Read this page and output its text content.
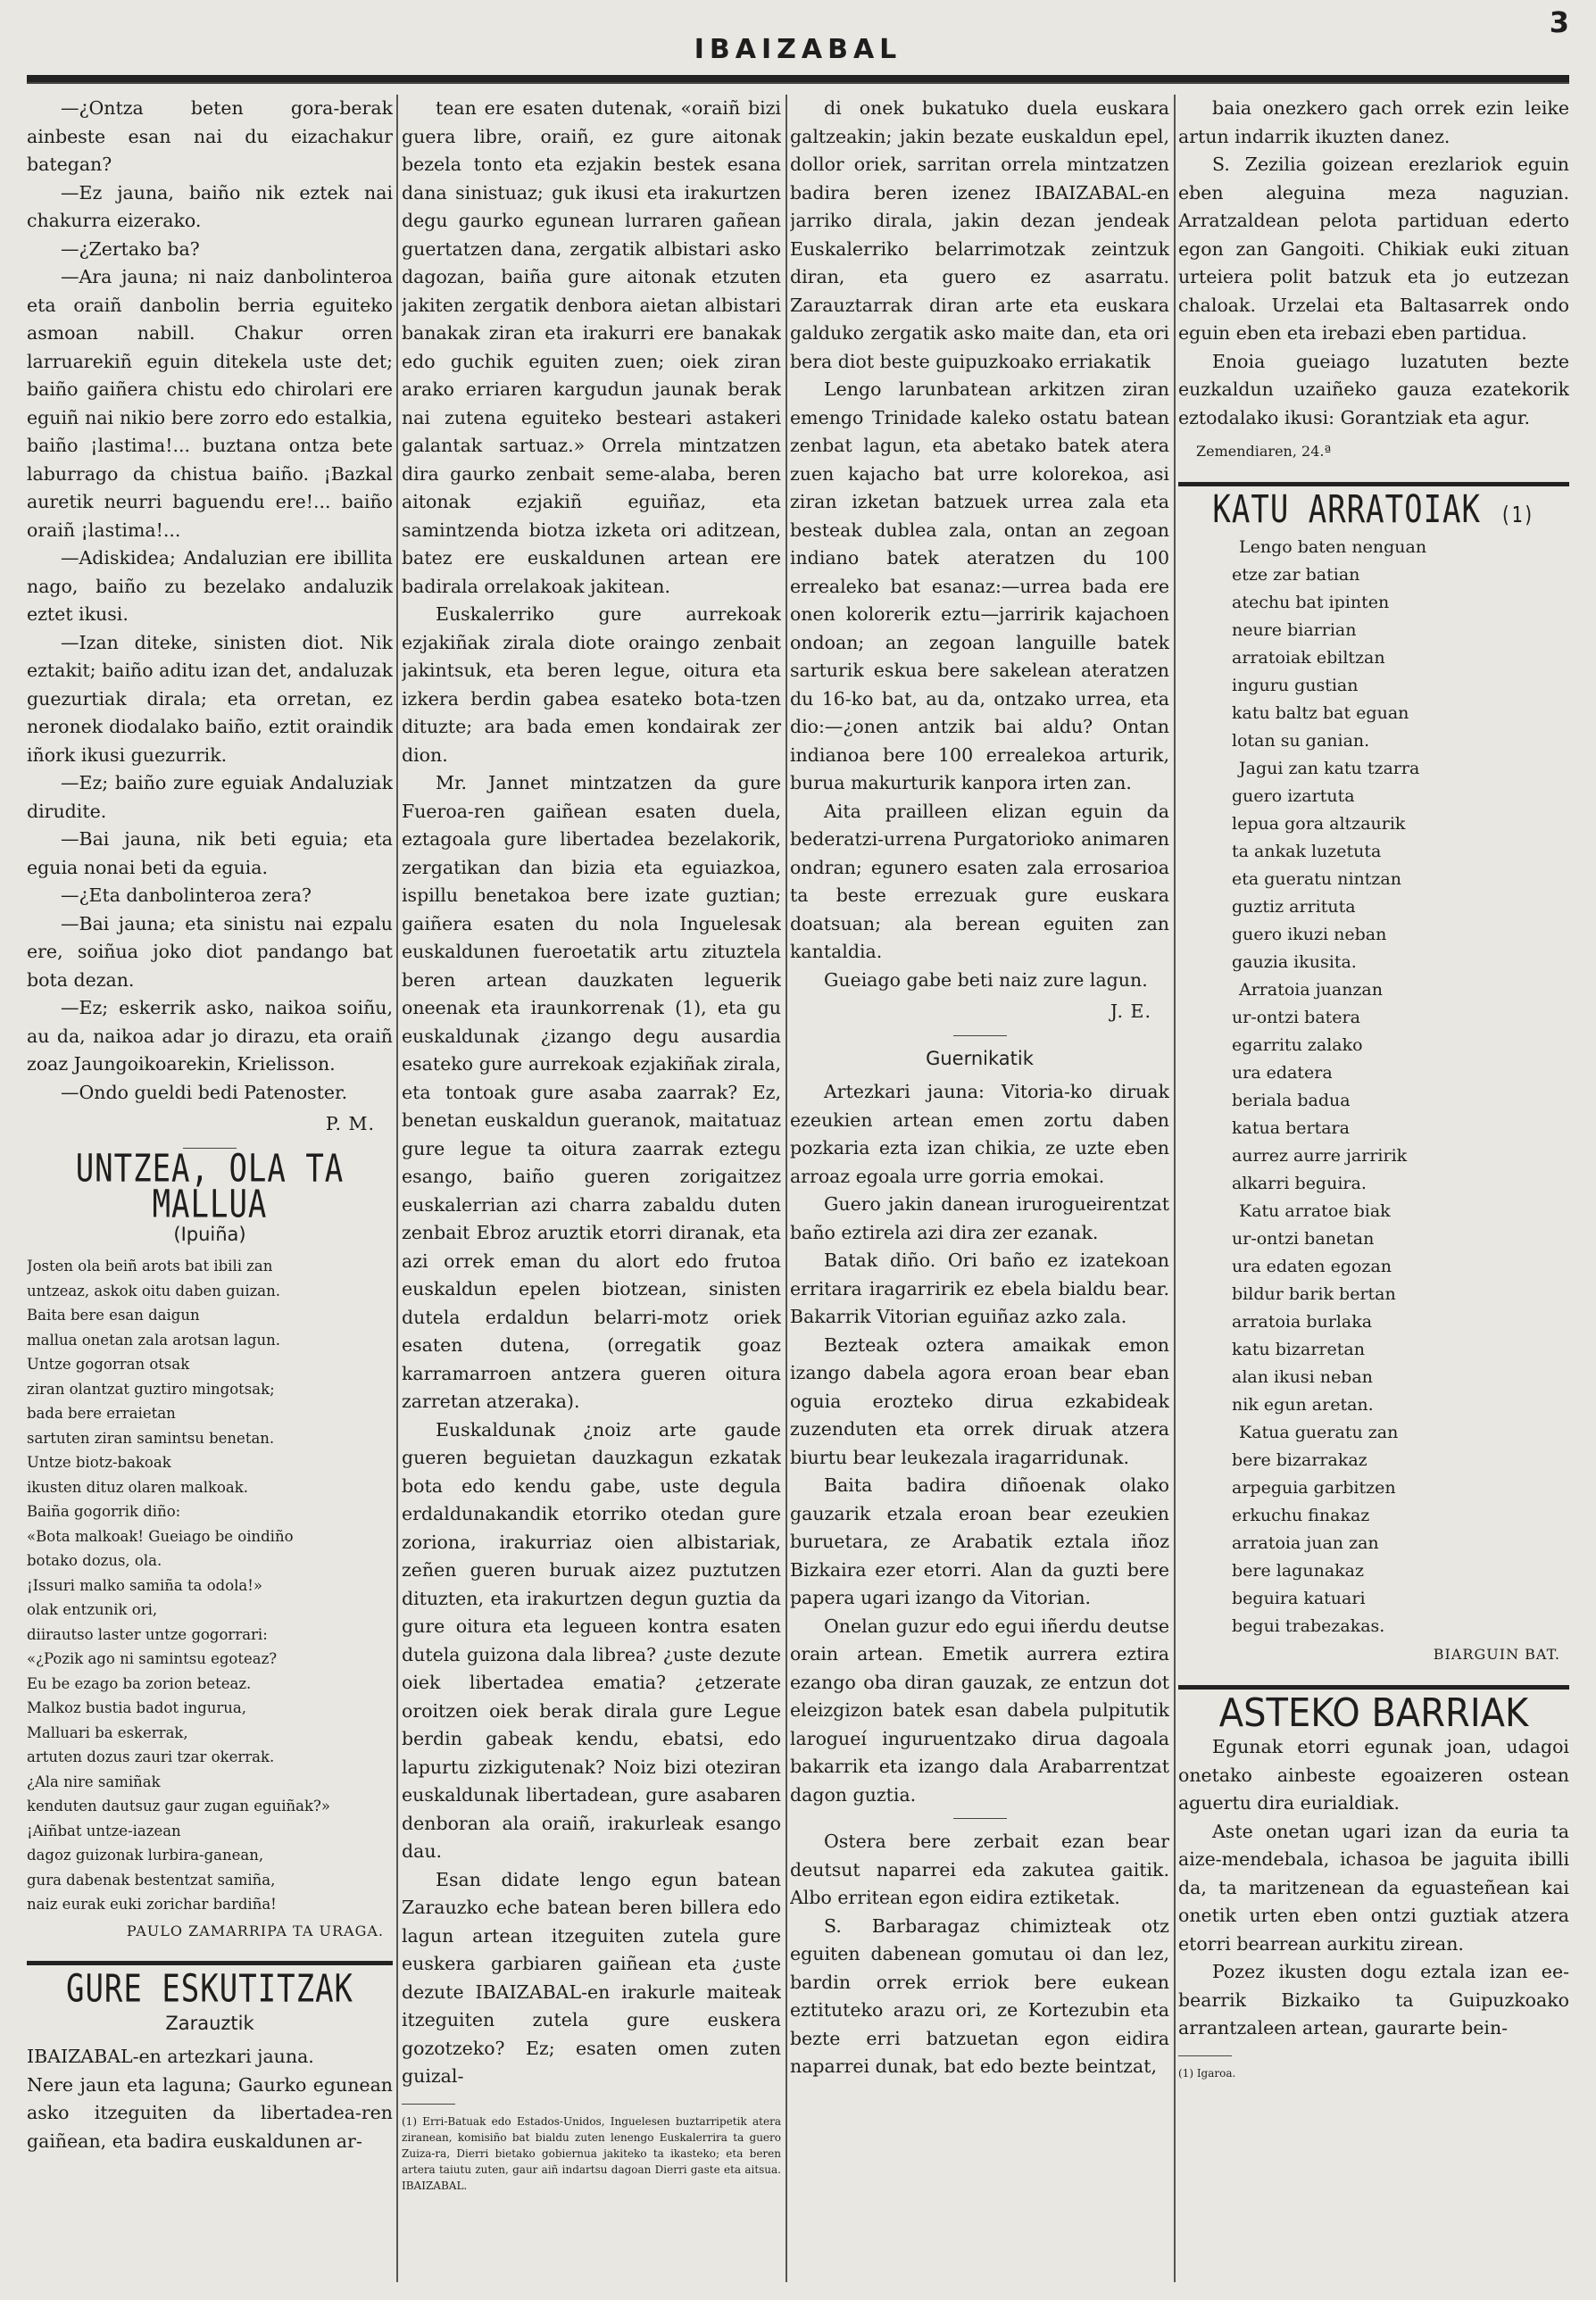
IBAIZABAL
3

—¿Ontza beten gora-berak ainbeste esan nai du eizachakur bategan?

—Ez jauna, baiño nik eztek nai chakurra eizerako.

—¿Zertako ba?

—Ara jauna; ni naiz danbolinteroa eta oraiñ danbolin berria eguiteko asmoan nabill. Chakur orren larruarekiñ eguin ditekela uste det; baiño gaiñera chistu edo chirolari ere eguiñ nai nikio bere zorro edo estalkia, baiño ¡lastima!... buztana ontza bete laburrago da chistua baiño. ¡Bazkal auretik neurri baguendu ere!... baiño oraiñ ¡lastima!...

—Adiskidea; Andaluzian ere ibillita nago, baiño zu bezelako andaluzik eztet ikusi.

—Izan diteke, sinisten diot. Nik eztakit; baiño aditu izan det, andaluzak guezurtiak dirala; eta orretan, ez neronek diodalako baiño, eztit oraindik iñork ikusi guezurrik.

—Ez; baiño zure eguiak Andaluziak dirudite.

—Bai jauna, nik beti eguia; eta eguia nonai beti da eguia.

—¿Eta danbolinteroa zera?

—Bai jauna; eta sinistu nai ezpalu ere, soiñua joko diot pandango bat bota dezan.

—Ez; eskerrik asko, naikoa soiñu, au da, naikoa adar jo dirazu, eta oraiñ zoaz Jaungoikoarekin, Krielisson.

—Ondo gueldi bedi Patenoster.

P. M.

UNTZEA, OLA TA MALLUA
(Ipuiña)
Josten ola beiñ arots bat ibili zan
untzeaz, askok oitu daben guizan.
Baita bere esan daigun
mallua onetan zala arotsan lagun.
Untze gogorran otsak
ziran olantzat guztiro mingotsak;
bada bere erraietan
sartuten ziran samintsu benetan.
Untze biotz-bakoak
ikusten dituz olaren malkoak.
Baiña gogorrik diño:
«Bota malkoak! Gueiago be oindiño
botako dozus, ola.
¡Issuri malko samiña ta odola!»
olak entzunik ori,
diirautso laster untze gogorrari:
«¿Pozik ago ni samintsu egoteaz?
Eu be ezago ba zorion beteaz.
Malkoz bustia badot ingurua,
Malluari ba eskerrak,
artuten dozus zauri tzar okerrak.
¿Ala nire samiñak
kenduten dautsuz gaur zugan eguiñak?»
¡Aiñbat untze-iazean
dagoz guizonak lurbira-ganean,
gura dabenak bestentzat samiña,
naiz eurak euki zorichar bardiña!

PAULO ZAMARRIPA TA URAGA.

GURE ESKUTITZAK
Zarauztik

IBAIZABAL-en artezkari jauna.

Nere jaun eta laguna; Gaurko egunean asko itzeguiten da libertadea-ren gaiñean, eta badira euskaldunen ar-

tean ere esaten dutenak, «oraiñ bizi guera libre, oraiñ, ez gure aitonak bezela tonto eta ezjakin bestek esana dana sinistuaz; guk ikusi eta irakurtzen degu gaurko egunean lurraren gañean guertatzen dana, zergatik albistari asko dagozan, baiña gure aitonak etzuten jakiten zergatik denbora aietan albistari banakak ziran eta irakurri ere banakak edo guchik eguiten zuen; oiek ziran arako erriaren kargudun jaunak berak nai zutena eguiteko besteari astakeri galantak sartuaz.» Orrela mintzatzen dira gaurko zenbait seme-alaba, beren aitonak ezjakiñ eguiñaz, eta samintzenda biotza izketa ori aditzean, batez ere euskaldunen artean ere badirala orrelakoak jakitean.

Euskalerriko gure aurrekoak ezjakiñak zirala diote oraingo zenbait jakintsuk, eta beren legue, oitura eta izkera berdin gabea esateko bota-tzen dituzte; ara bada emen kondairak zer dion.

Mr. Jannet mintzatzen da gure Fueroa-ren gaiñean esaten duela, eztagoala gure libertadea bezelakorik, zergatikan dan bizia eta eguiazkoa, ispillu benetakoa bere izate guztian; gaiñera esaten du nola Inguelesak euskaldunen fueroetatik artu zituztela beren artean dauzkaten leguerik oneenak eta iraunkorrenak (1), eta gu euskaldunak ¿izango degu ausardia esateko gure aurrekoak ezjakiñak zirala, eta tontoak gure asaba zaarrak? Ez, benetan euskaldun gueranok, maitatuaz gure legue ta oitura zaarrak eztegu esango, baiño gueren zorigaitzez euskalerrian azi charra zabaldu duten zenbait Ebroz aruztik etorri diranak, eta azi orrek eman du alort edo frutoa euskaldun epelen biotzean, sinisten dutela erdaldun belarri-motz oriek esaten dutena, (orregatik goaz karramarroen antzera gueren oitura zarretan atzeraka).

Euskaldunak ¿noiz arte gaude gueren beguietan dauzkagun ezkatak botа edo kendu gabe, uste degula erdaldunakandik etorriko otedan gure zoriona, irakurriaz oien albistariak, zeñen gueren buruak aizez puztutzen dituzten, eta irakurtzen degun guztia da gure oitura eta legueen kontra esaten dutela guizona dala librea? ¿uste dezute oiek libertadea ematia? ¿etzerate oroitzen oiek berak dirala gure Legue berdin gabeak kendu, ebatsi, edo lapurtu zizkigutenak? Noiz bizi oteziran euskaldunak libertadean, gure asabaren denboran ala oraiñ, irakurleak esango dau.

Esan didate lengo egun batean Zarauzko eche batean beren billera edo lagun artean itzeguiten zutela gure euskera garbiaren gaiñean eta ¿uste dezute IBAIZABAL-en irakurle maiteak itzeguiten zutela gure euskera gozotzeko? Ez; esaten omen zuten guizal-

(1) Erri-Batuak edo Estados-Unidos, Inguelesen buztarripetik atera ziranean, komisiño bat bialdu zuten lenengo Euskalerrira ta guero Zuiza-ra, Dierri bietako gobiernua jakiteko ta ikasteko; eta beren artera taiutu zuten, gaur aiñ indartsu dagoan Dierri gaste eta aitsua. IBAIZABAL.

di onek bukatuko duela euskara galtzeakin; jakin bezate euskaldun epel, dollor oriek, sarritan orrela mintzatzen badira beren izenez IBAIZABAL-en jarriko dirala, jakin dezan jendeak Euskalerriko belarrimotzak zeintzuk diran, eta guero ez asarratu. Zarauztarrak diran arte eta euskara galduko zergatik asko maite dan, eta ori bera diot beste guipuzkoako erriakatik

Lengo larunbatean arkitzen ziran emengo Trinidade kaleko ostatu batean zenbat lagun, eta abetako batek atera zuen kajacho bat urre kolorekoa, asi ziran izketan batzuek urrea zala eta besteak dublea zala, ontan an zegoan indiano batek ateratzen du 100 errealeko bat esanaz:—urrea bada ere onen kolorerik eztu—jarririk kajachoen ondoan; an zegoan languille batek sarturik eskua bere sakelean ateratzen du 16-ko bat, au da, ontzako urrea, eta dio:—¿onen antzik bai aldu? Ontan indianoa bere 100 errealekoa arturik, buruа makurturik kanpora irten zan.

Aita prailleen elizan eguin da bederatzi-urrena Purgatorioko animaren ondran; egunero esaten zala errosarioa ta beste errezuak gure euskara doatsuan; ala berean eguiten zan kantaldia.

Gueiago gabe beti naiz zure lagun.

J. E.

Guernikatik

Artezkari jauna: Vitoria-ko diruak ezeukien artean emen zortu daben pozkaria ezta izan chikia, ze uzte eben arroaz egoala urre gorria emokai.

Guero jakin danean irurogueirentzat baño eztirela azi dira zer ezanak.

Batak diño. Ori baño ez izatekoan erritara iragarririk ez ebela bialdu bear. Bakarrik Vitorian eguiñaz azko zala.

Bezteak oztera amaikak emon izango dabela agora eroan bear eban oguia erozteko dirua ezkabideak zuzenduten eta orrek diruak atzera biurtu bear leukezala iragarridunak.

Baita badira diñoenak olako gauzarik etzala eroan bear ezeukien buruetara, ze Arabatik eztala iñoz Bizkaira ezer etorri. Alan da guzti bere papera ugari izango da Vitorian.

Onelan guzur edo egui iñerdu deutse orain artean. Emetik aurrera eztira ezango oba diran gauzak, ze entzun dot eleizgizon batek esan dabela pulpitutik larogueí inguruentzako dirua dagoala bakarrik eta izango dala Arabarrentzat dagon guztia.

Ostera bere zerbait ezan bear deutsut naparrei eda zakutea gaitik. Albo erritean egon eidira eztiketak.

S. Barbaragaz chimizteak otz eguiten dabenean gomutau oi dan lez, bardin orrek erriok bere eukean eztituteko arazu ori, ze Kortezubin eta bezte erri batzuetan egon eidira naparrei dunak, bat edo bezte beintzat,

baia onezkero gach orrek ezin leike artun indarrik ikuzten danez.

S. Zezilia goizean erezlariok eguin eben aleguina meza naguzian. Arratzaldean pelota partiduan ederto egon zan Gangoiti. Chikiak euki zituan urteiera polit batzuk eta jo eutzezan chaloak. Urzelai eta Baltasarrek ondo eguin eben eta irebazi eben partidua.

Enoia gueiago luzatuten bezte euzkaldun uzaiñeko gauza ezatekorik eztodalako ikusi: Gorantziak eta agur.

Zemendiaren, 24.ª

KATU ARRATOIAK (1)
Lengo baten nenguan
etze zar batian
atechu bat ipinten
neure biarrian
arratoiak ebiltzan
inguru gustian
katu baltz bat eguan
lotan su ganian.
Jagui zan katu tzarra
guero izartuta
lepua gora altzaurik
ta ankak luzetuta
eta gueratu nintzan
guztiz arrituta
guero ikuzi neban
gauzia ikusita.
Arratoia juanzan
ur-ontzi batera
egarritu zalako
ura edatera
beriala badua
katua bertara
aurrez aurre jarririk
alkarri beguira.
Katu arratoe biak
ur-ontzi banetan
ura edaten egozan
bildur barik bertan
arratoia burlaka
katu bizarretan
alan ikusi neban
nik egun aretan.
Katua gueratu zan
bere bizarrakaz
arpeguia garbitzen
erkuchu finakaz
arratoia juan zan
bere lagunakaz
beguira katuari
begui trabezakas.

BIARGUIN BAT.

ASTEKO BARRIAK

Egunak etorri egunak joan, udagoi onetako ainbeste egoaizeren ostean aguertu dira eurialdiak.

Aste onetan ugari izan da euria ta aize-mendebala, ichasoa be jaguita ibilli da, ta maritzenean da eguasteñean kai onetik urten eben ontzi guztiak atzera etorri bearrean aurkitu zirean.

Pozez ikusten dogu eztala izan ee-bearrik Bizkaiko ta Guipuzkoako arrantzaleen artean, gaurarte bein-

(1) Igaroa.
